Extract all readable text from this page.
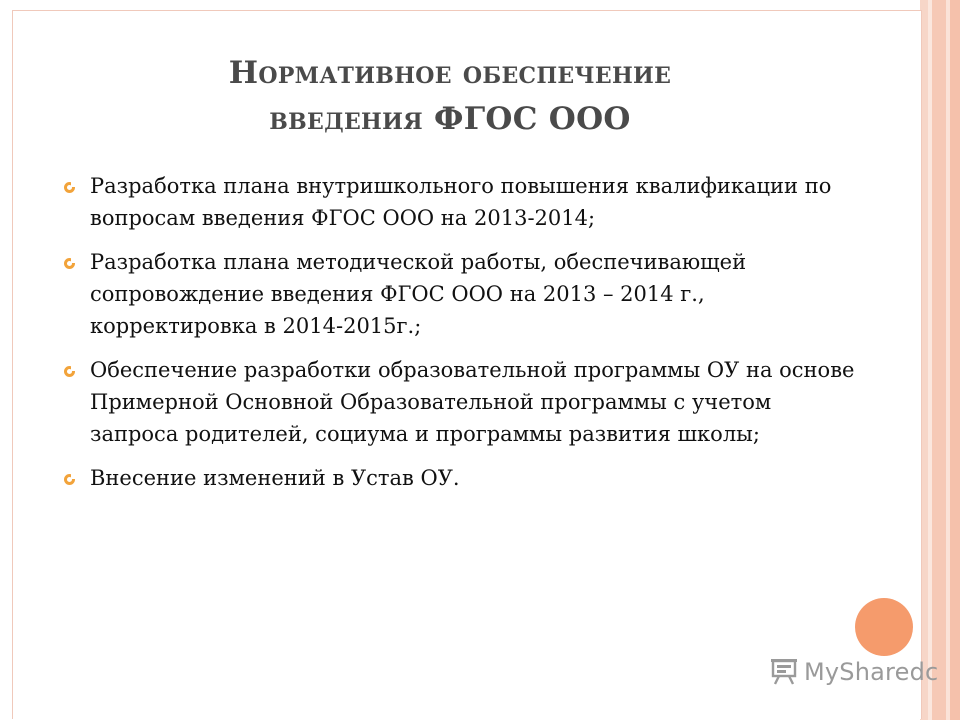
Нормативное обеспечение
введения ФГОС ООО
Разработка плана внутришкольного повышения квалификации по вопросам введения ФГОС ООО на 2013-2014;
Разработка плана методической работы, обеспечивающей сопровождение введения ФГОС ООО на 2013 – 2014 г., корректировка в 2014-2015г.;
Обеспечение разработки образовательной программы ОУ на основе Примерной Основной Образовательной программы с учетом запроса родителей, социума и программы развития школы;
Внесение изменений в Устав ОУ.
MySharedc
